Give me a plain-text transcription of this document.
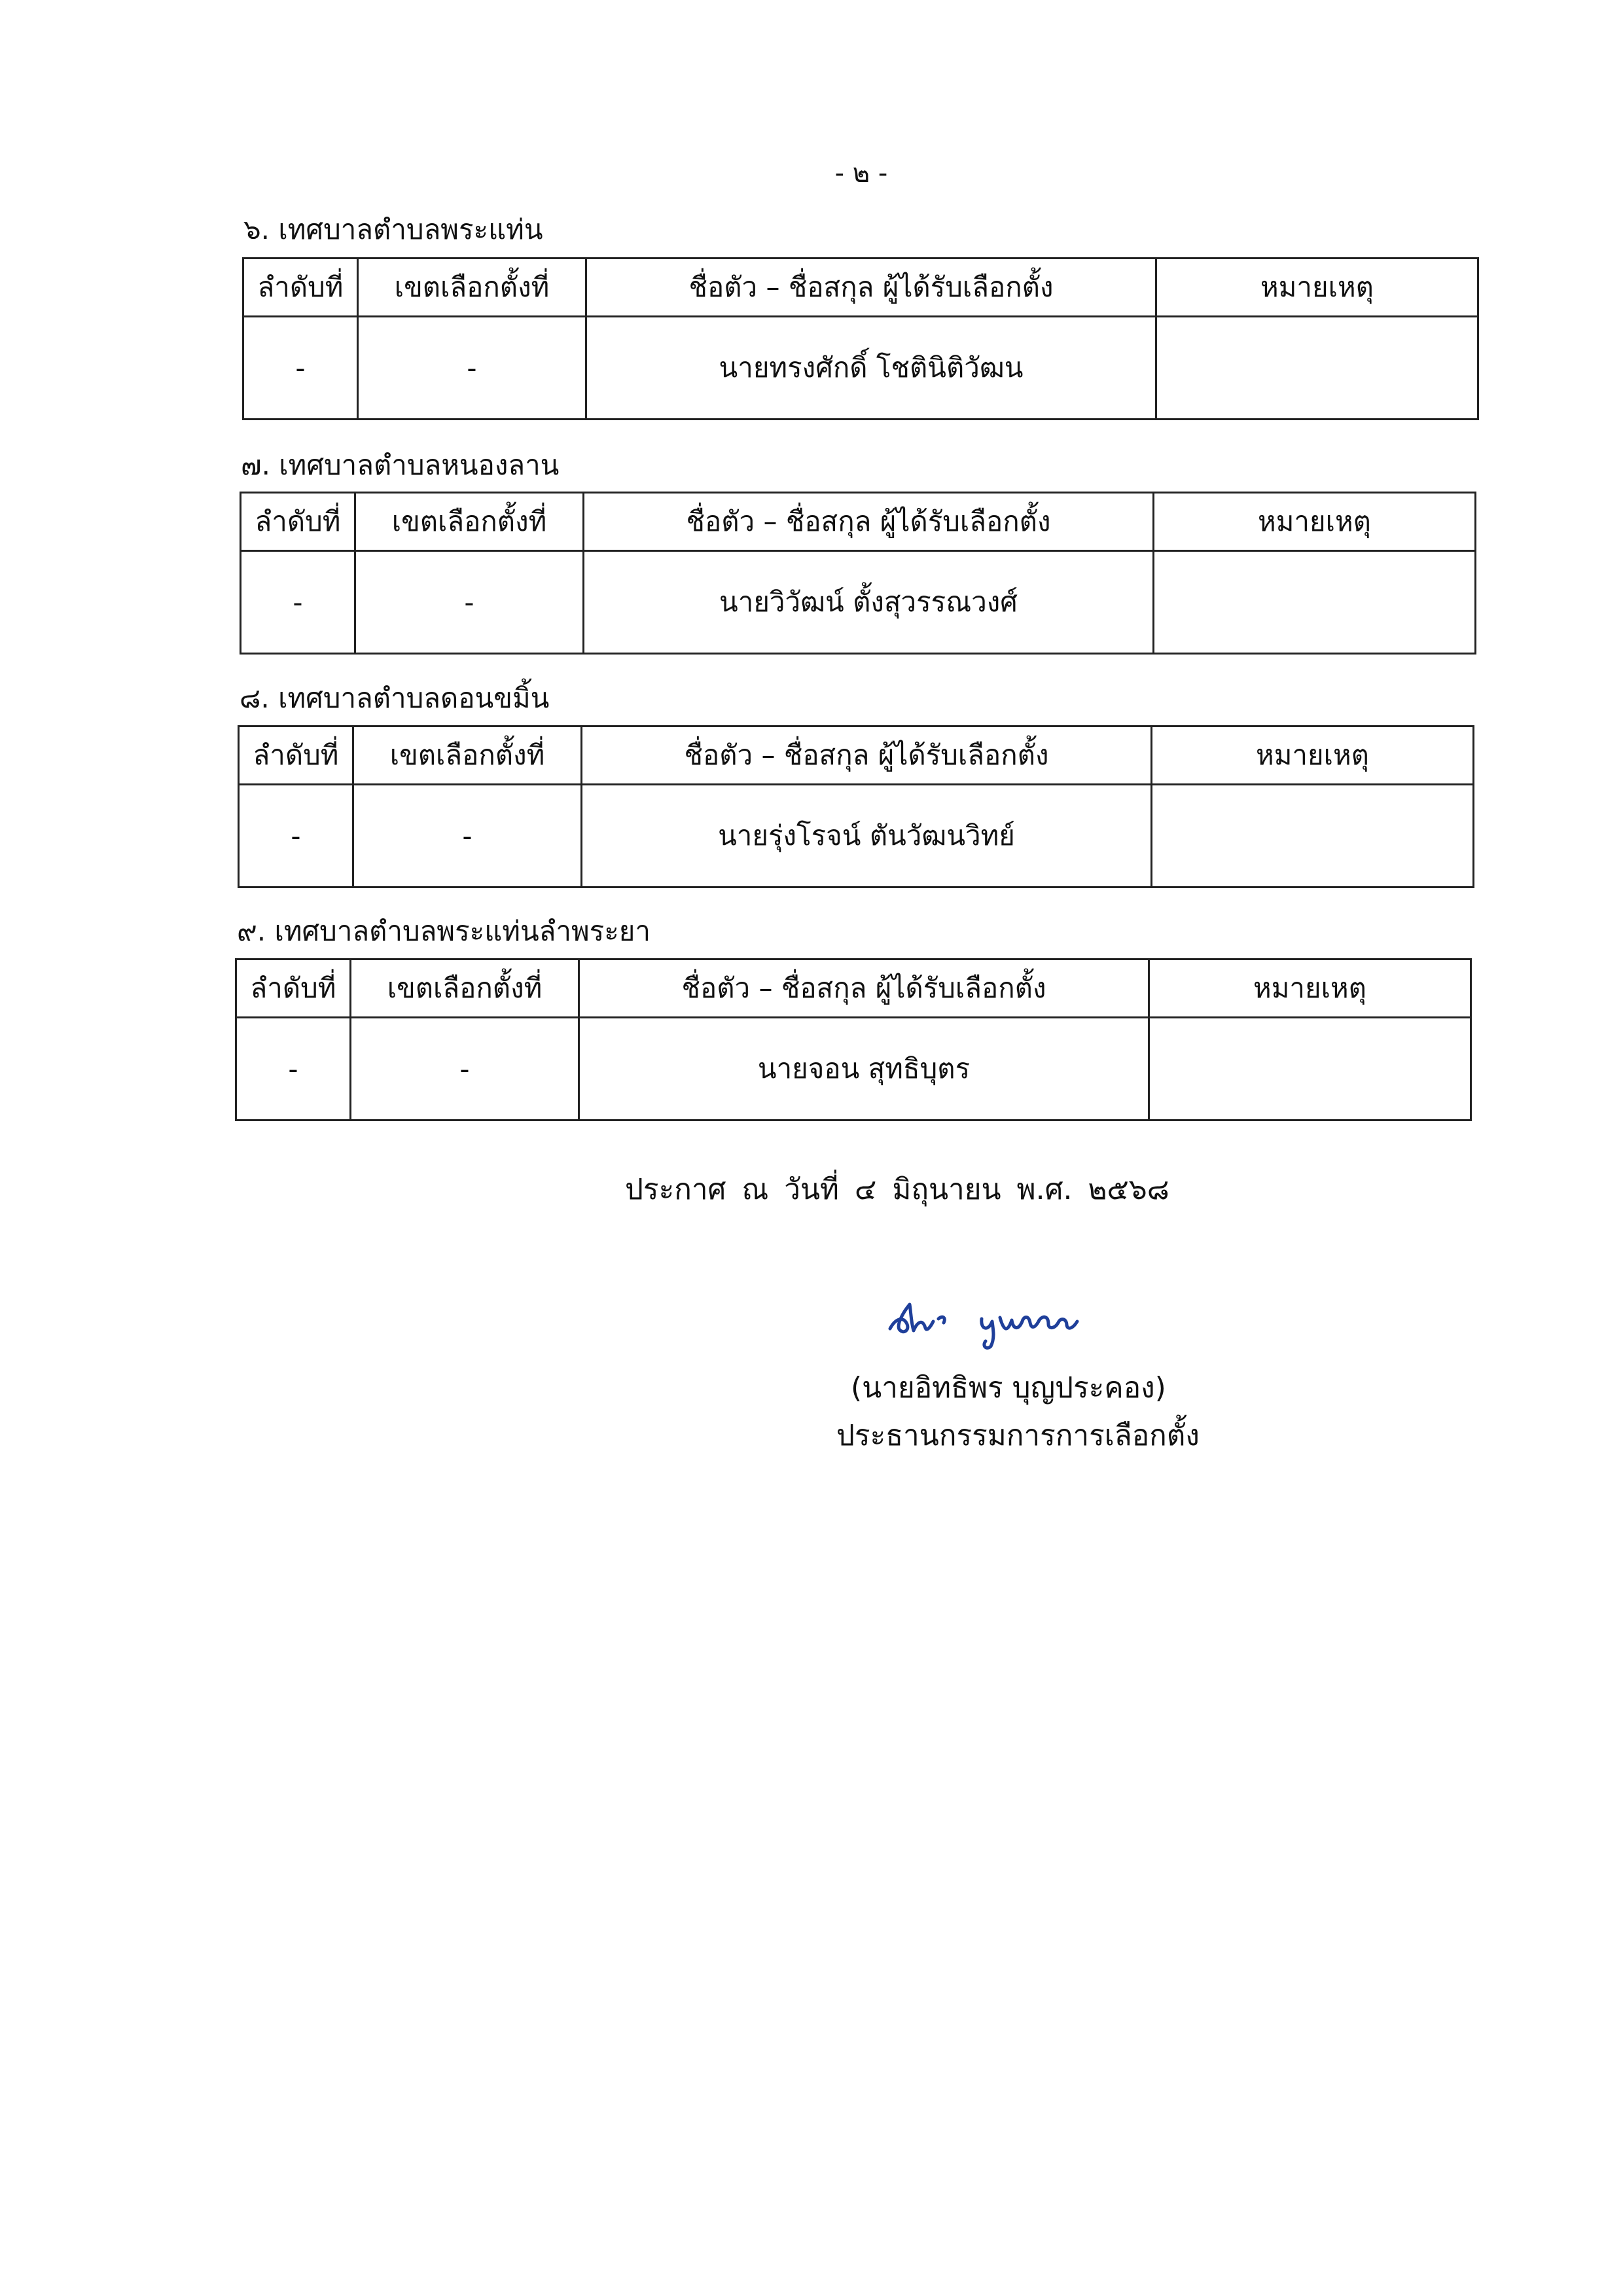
- ๒ -
๖. เทศบาลตำบลพระแท่น
ลำดับที่	เขตเลือกตั้งที่	ชื่อตัว – ชื่อสกุล ผู้ได้รับเลือกตั้ง	หมายเหตุ
-	-	นายทรงศักดิ์ โชตินิติวัฒน	
๗. เทศบาลตำบลหนองลาน
ลำดับที่	เขตเลือกตั้งที่	ชื่อตัว – ชื่อสกุล ผู้ได้รับเลือกตั้ง	หมายเหตุ
-	-	นายวิวัฒน์ ตั้งสุวรรณวงศ์	
๘. เทศบาลตำบลดอนขมิ้น
ลำดับที่	เขตเลือกตั้งที่	ชื่อตัว – ชื่อสกุล ผู้ได้รับเลือกตั้ง	หมายเหตุ
-	-	นายรุ่งโรจน์ ตันวัฒนวิทย์	
๙. เทศบาลตำบลพระแท่นลำพระยา
ลำดับที่	เขตเลือกตั้งที่	ชื่อตัว – ชื่อสกุล ผู้ได้รับเลือกตั้ง	หมายเหตุ
-	-	นายจอน สุทธิบุตร	
ประกาศ ณ วันที่ ๔ มิถุนายน พ.ศ. ๒๕๖๘
(นายอิทธิพร บุญประคอง)
ประธานกรรมการการเลือกตั้ง
